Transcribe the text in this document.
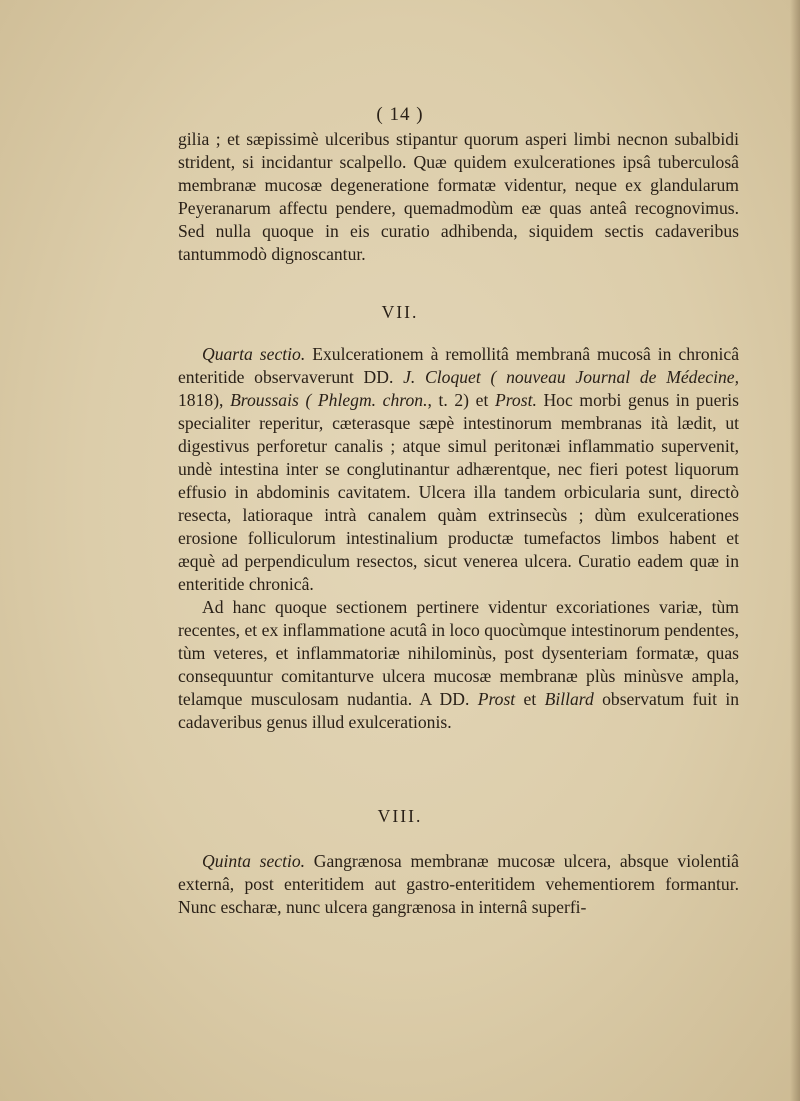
( 14 )

gilia ; et sæpissimè ulceribus stipantur quorum asperi limbi necnon subalbidi strident, si incidantur scalpello. Quæ quidem exulcerationes ipsâ tuberculosâ membranæ mucosæ degeneratione formatæ videntur, neque ex glandularum Peyeranarum affectu pendere, quemadmodùm eæ quas anteâ recognovimus. Sed nulla quoque in eis curatio adhibenda, siquidem sectis cadaveribus tantummodò dignoscantur.

VII.

Quarta sectio. Exulcerationem à remollitâ membranâ mucosâ in chronicâ enteritide observaverunt DD. J. Cloquet ( nouveau Journal de Médecine, 1818), Broussais ( Phlegm. chron., t. 2) et Prost. Hoc morbi genus in pueris specialiter reperitur, cæterasque sæpè intestinorum membranas ità lædit, ut digestivus perforetur canalis ; atque simul peritonæi inflammatio supervenit, undè intestina inter se conglutinantur adhærentque, nec fieri potest liquorum effusio in abdominis cavitatem. Ulcera illa tandem orbicularia sunt, directò resecta, latioraque intrà canalem quàm extrinsecùs ; dùm exulcerationes erosione folliculorum intestinalium productæ tumefactos limbos habent et æquè ad perpendiculum resectos, sicut venerea ulcera. Curatio eadem quæ in enteritide chronicâ.

Ad hanc quoque sectionem pertinere videntur excoriationes variæ, tùm recentes, et ex inflammatione acutâ in loco quocùmque intestinorum pendentes, tùm veteres, et inflammatoriæ nihilominùs, post dysenteriam formatæ, quas consequuntur comitanturve ulcera mucosæ membranæ plùs minùsve ampla, telamque musculosam nudantia. A DD. Prost et Billard observatum fuit in cadaveribus genus illud exulcerationis.

VIII.

Quinta sectio. Gangrænosa membranæ mucosæ ulcera, absque violentiâ externâ, post enteritidem aut gastro-enteritidem vehementiorem formantur. Nunc escharæ, nunc ulcera gangrænosa in internâ superfi-
